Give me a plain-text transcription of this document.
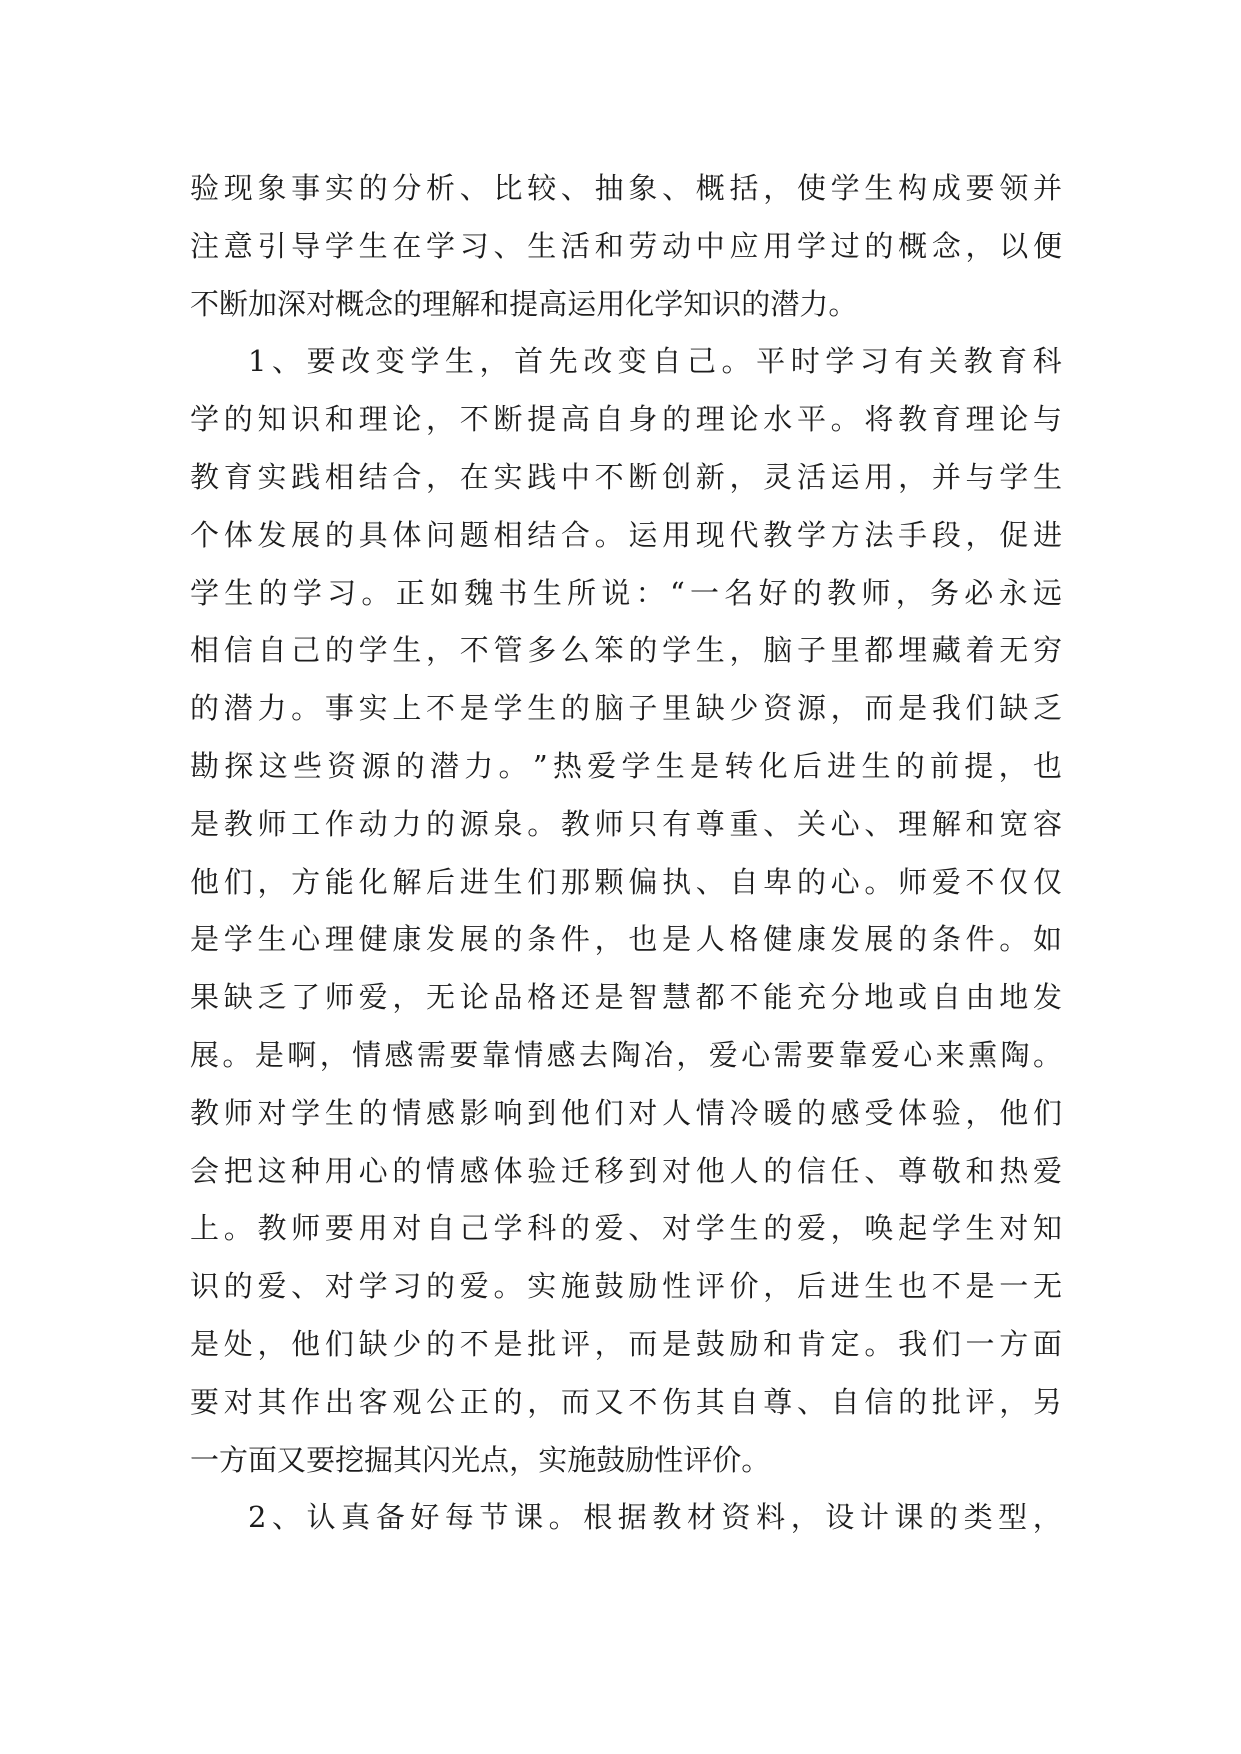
验 现 象 事 实 的 分 析 、 比 较 、 抽 象 、 概 括 ， 使 学 生 构 成 要 领 并
注 意 引 导 学 生 在 学 习 、 生 活 和 劳 动 中 应 用 学 过 的 概 念 ， 以 便
不 断 加 深 对 概 念 的 理 解 和 提 高 运 用 化 学 知 识 的 潜 力 。
1 、 要 改 变 学 生 ， 首 先 改 变 自 己 。 平 时 学 习 有 关 教 育 科
学 的 知 识 和 理 论 ， 不 断 提 高 自 身 的 理 论 水 平 。 将 教 育 理 论 与
教 育 实 践 相 结 合 ， 在 实 践 中 不 断 创 新 ， 灵 活 运 用 ， 并 与 学 生
个 体 发 展 的 具 体 问 题 相 结 合 。 运 用 现 代 教 学 方 法 手 段 ， 促 进
学 生 的 学 习 。 正 如 魏 书 生 所 说 ： “ 一 名 好 的 教 师 ， 务 必 永 远
相 信 自 己 的 学 生 ， 不 管 多 么 笨 的 学 生 ， 脑 子 里 都 埋 藏 着 无 穷
的 潜 力 。 事 实 上 不 是 学 生 的 脑 子 里 缺 少 资 源 ， 而 是 我 们 缺 乏
勘 探 这 些 资 源 的 潜 力 。 ” 热 爱 学 生 是 转 化 后 进 生 的 前 提 ， 也
是 教 师 工 作 动 力 的 源 泉 。 教 师 只 有 尊 重 、 关 心 、 理 解 和 宽 容
他 们 ， 方 能 化 解 后 进 生 们 那 颗 偏 执 、 自 卑 的 心 。 师 爱 不 仅 仅
是 学 生 心 理 健 康 发 展 的 条 件 ， 也 是 人 格 健 康 发 展 的 条 件 。 如
果 缺 乏 了 师 爱 ， 无 论 品 格 还 是 智 慧 都 不 能 充 分 地 或 自 由 地 发
展 。 是 啊 ， 情 感 需 要 靠 情 感 去 陶 冶 ， 爱 心 需 要 靠 爱 心 来 熏 陶 。
教 师 对 学 生 的 情 感 影 响 到 他 们 对 人 情 冷 暖 的 感 受 体 验 ， 他 们
会 把 这 种 用 心 的 情 感 体 验 迁 移 到 对 他 人 的 信 任 、 尊 敬 和 热 爱
上 。 教 师 要 用 对 自 己 学 科 的 爱 、 对 学 生 的 爱 ， 唤 起 学 生 对 知
识 的 爱 、 对 学 习 的 爱 。 实 施 鼓 励 性 评 价 ， 后 进 生 也 不 是 一 无
是 处 ， 他 们 缺 少 的 不 是 批 评 ， 而 是 鼓 励 和 肯 定 。 我 们 一 方 面
要 对 其 作 出 客 观 公 正 的 ， 而 又 不 伤 其 自 尊 、 自 信 的 批 评 ， 另
一 方 面 又 要 挖 掘 其 闪 光 点 ， 实 施 鼓 励 性 评 价 。
2 、 认 真 备 好 每 节 课 。 根 据 教 材 资 料 ， 设 计 课 的 类 型 ，
